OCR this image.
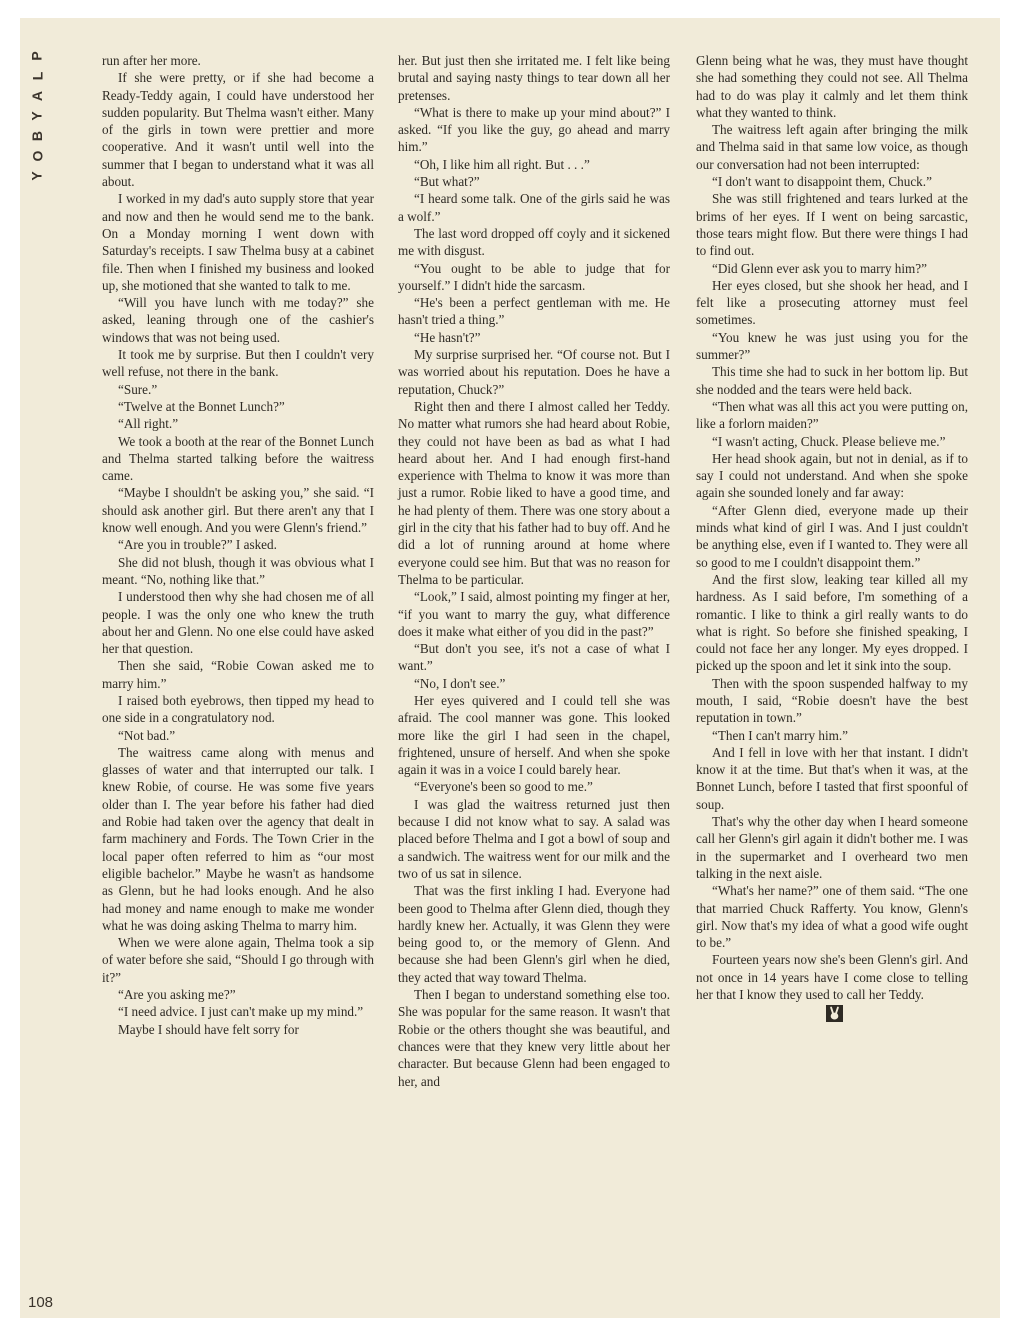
P
L
A
Y
B
O
Y

run after her more.

If she were pretty, or if she had become a Ready-Teddy again, I could have understood her sudden popularity. But Thelma wasn't either. Many of the girls in town were prettier and more cooperative. And it wasn't until well into the summer that I began to understand what it was all about.

I worked in my dad's auto supply store that year and now and then he would send me to the bank. On a Monday morning I went down with Saturday's receipts. I saw Thelma busy at a cabinet file. Then when I finished my business and looked up, she motioned that she wanted to talk to me.

“Will you have lunch with me today?” she asked, leaning through one of the cashier's windows that was not being used.

It took me by surprise. But then I couldn't very well refuse, not there in the bank.

“Sure.”

“Twelve at the Bonnet Lunch?”

“All right.”

We took a booth at the rear of the Bonnet Lunch and Thelma started talking before the waitress came.

“Maybe I shouldn't be asking you,” she said. “I should ask another girl. But there aren't any that I know well enough. And you were Glenn's friend.”

“Are you in trouble?” I asked.

She did not blush, though it was obvious what I meant. “No, nothing like that.”

I understood then why she had chosen me of all people. I was the only one who knew the truth about her and Glenn. No one else could have asked her that question.

Then she said, “Robie Cowan asked me to marry him.”

I raised both eyebrows, then tipped my head to one side in a congratulatory nod.

“Not bad.”

The waitress came along with menus and glasses of water and that interrupted our talk. I knew Robie, of course. He was some five years older than I. The year before his father had died and Robie had taken over the agency that dealt in farm machinery and Fords. The Town Crier in the local paper often referred to him as “our most eligible bachelor.” Maybe he wasn't as handsome as Glenn, but he had looks enough. And he also had money and name enough to make me wonder what he was doing asking Thelma to marry him.

When we were alone again, Thelma took a sip of water before she said, “Should I go through with it?”

“Are you asking me?”

“I need advice. I just can't make up my mind.”

Maybe I should have felt sorry for

her. But just then she irritated me. I felt like being brutal and saying nasty things to tear down all her pretenses.

“What is there to make up your mind about?” I asked. “If you like the guy, go ahead and marry him.”

“Oh, I like him all right. But . . .”

“But what?”

“I heard some talk. One of the girls said he was a wolf.”

The last word dropped off coyly and it sickened me with disgust.

“You ought to be able to judge that for yourself.” I didn't hide the sarcasm.

“He's been a perfect gentleman with me. He hasn't tried a thing.”

“He hasn't?”

My surprise surprised her. “Of course not. But I was worried about his reputation. Does he have a reputation, Chuck?”

Right then and there I almost called her Teddy. No matter what rumors she had heard about Robie, they could not have been as bad as what I had heard about her. And I had enough first-hand experience with Thelma to know it was more than just a rumor. Robie liked to have a good time, and he had plenty of them. There was one story about a girl in the city that his father had to buy off. And he did a lot of running around at home where everyone could see him. But that was no reason for Thelma to be particular.

“Look,” I said, almost pointing my finger at her, “if you want to marry the guy, what difference does it make what either of you did in the past?”

“But don't you see, it's not a case of what I want.”

“No, I don't see.”

Her eyes quivered and I could tell she was afraid. The cool manner was gone. This looked more like the girl I had seen in the chapel, frightened, unsure of herself. And when she spoke again it was in a voice I could barely hear.

“Everyone's been so good to me.”

I was glad the waitress returned just then because I did not know what to say. A salad was placed before Thelma and I got a bowl of soup and a sandwich. The waitress went for our milk and the two of us sat in silence.

That was the first inkling I had. Everyone had been good to Thelma after Glenn died, though they hardly knew her. Actually, it was Glenn they were being good to, or the memory of Glenn. And because she had been Glenn's girl when he died, they acted that way toward Thelma.

Then I began to understand something else too. She was popular for the same reason. It wasn't that Robie or the others thought she was beautiful, and chances were that they knew very little about her character. But because Glenn had been engaged to her, and

Glenn being what he was, they must have thought she had something they could not see. All Thelma had to do was play it calmly and let them think what they wanted to think.

The waitress left again after bringing the milk and Thelma said in that same low voice, as though our conversation had not been interrupted:

“I don't want to disappoint them, Chuck.”

She was still frightened and tears lurked at the brims of her eyes. If I went on being sarcastic, those tears might flow. But there were things I had to find out.

“Did Glenn ever ask you to marry him?”

Her eyes closed, but she shook her head, and I felt like a prosecuting attorney must feel sometimes.

“You knew he was just using you for the summer?”

This time she had to suck in her bottom lip. But she nodded and the tears were held back.

“Then what was all this act you were putting on, like a forlorn maiden?”

“I wasn't acting, Chuck. Please believe me.”

Her head shook again, but not in denial, as if to say I could not understand. And when she spoke again she sounded lonely and far away:

“After Glenn died, everyone made up their minds what kind of girl I was. And I just couldn't be anything else, even if I wanted to. They were all so good to me I couldn't disappoint them.”

And the first slow, leaking tear killed all my hardness. As I said before, I'm something of a romantic. I like to think a girl really wants to do what is right. So before she finished speaking, I could not face her any longer. My eyes dropped. I picked up the spoon and let it sink into the soup.

Then with the spoon suspended halfway to my mouth, I said, “Robie doesn't have the best reputation in town.”

“Then I can't marry him.”

And I fell in love with her that instant. I didn't know it at the time. But that's when it was, at the Bonnet Lunch, before I tasted that first spoonful of soup.

That's why the other day when I heard someone call her Glenn's girl again it didn't bother me. I was in the supermarket and I overheard two men talking in the next aisle.

“What's her name?” one of them said. “The one that married Chuck Rafferty. You know, Glenn's girl. Now that's my idea of what a good wife ought to be.”

Fourteen years now she's been Glenn's girl. And not once in 14 years have I come close to telling her that I know they used to call her Teddy.

108
